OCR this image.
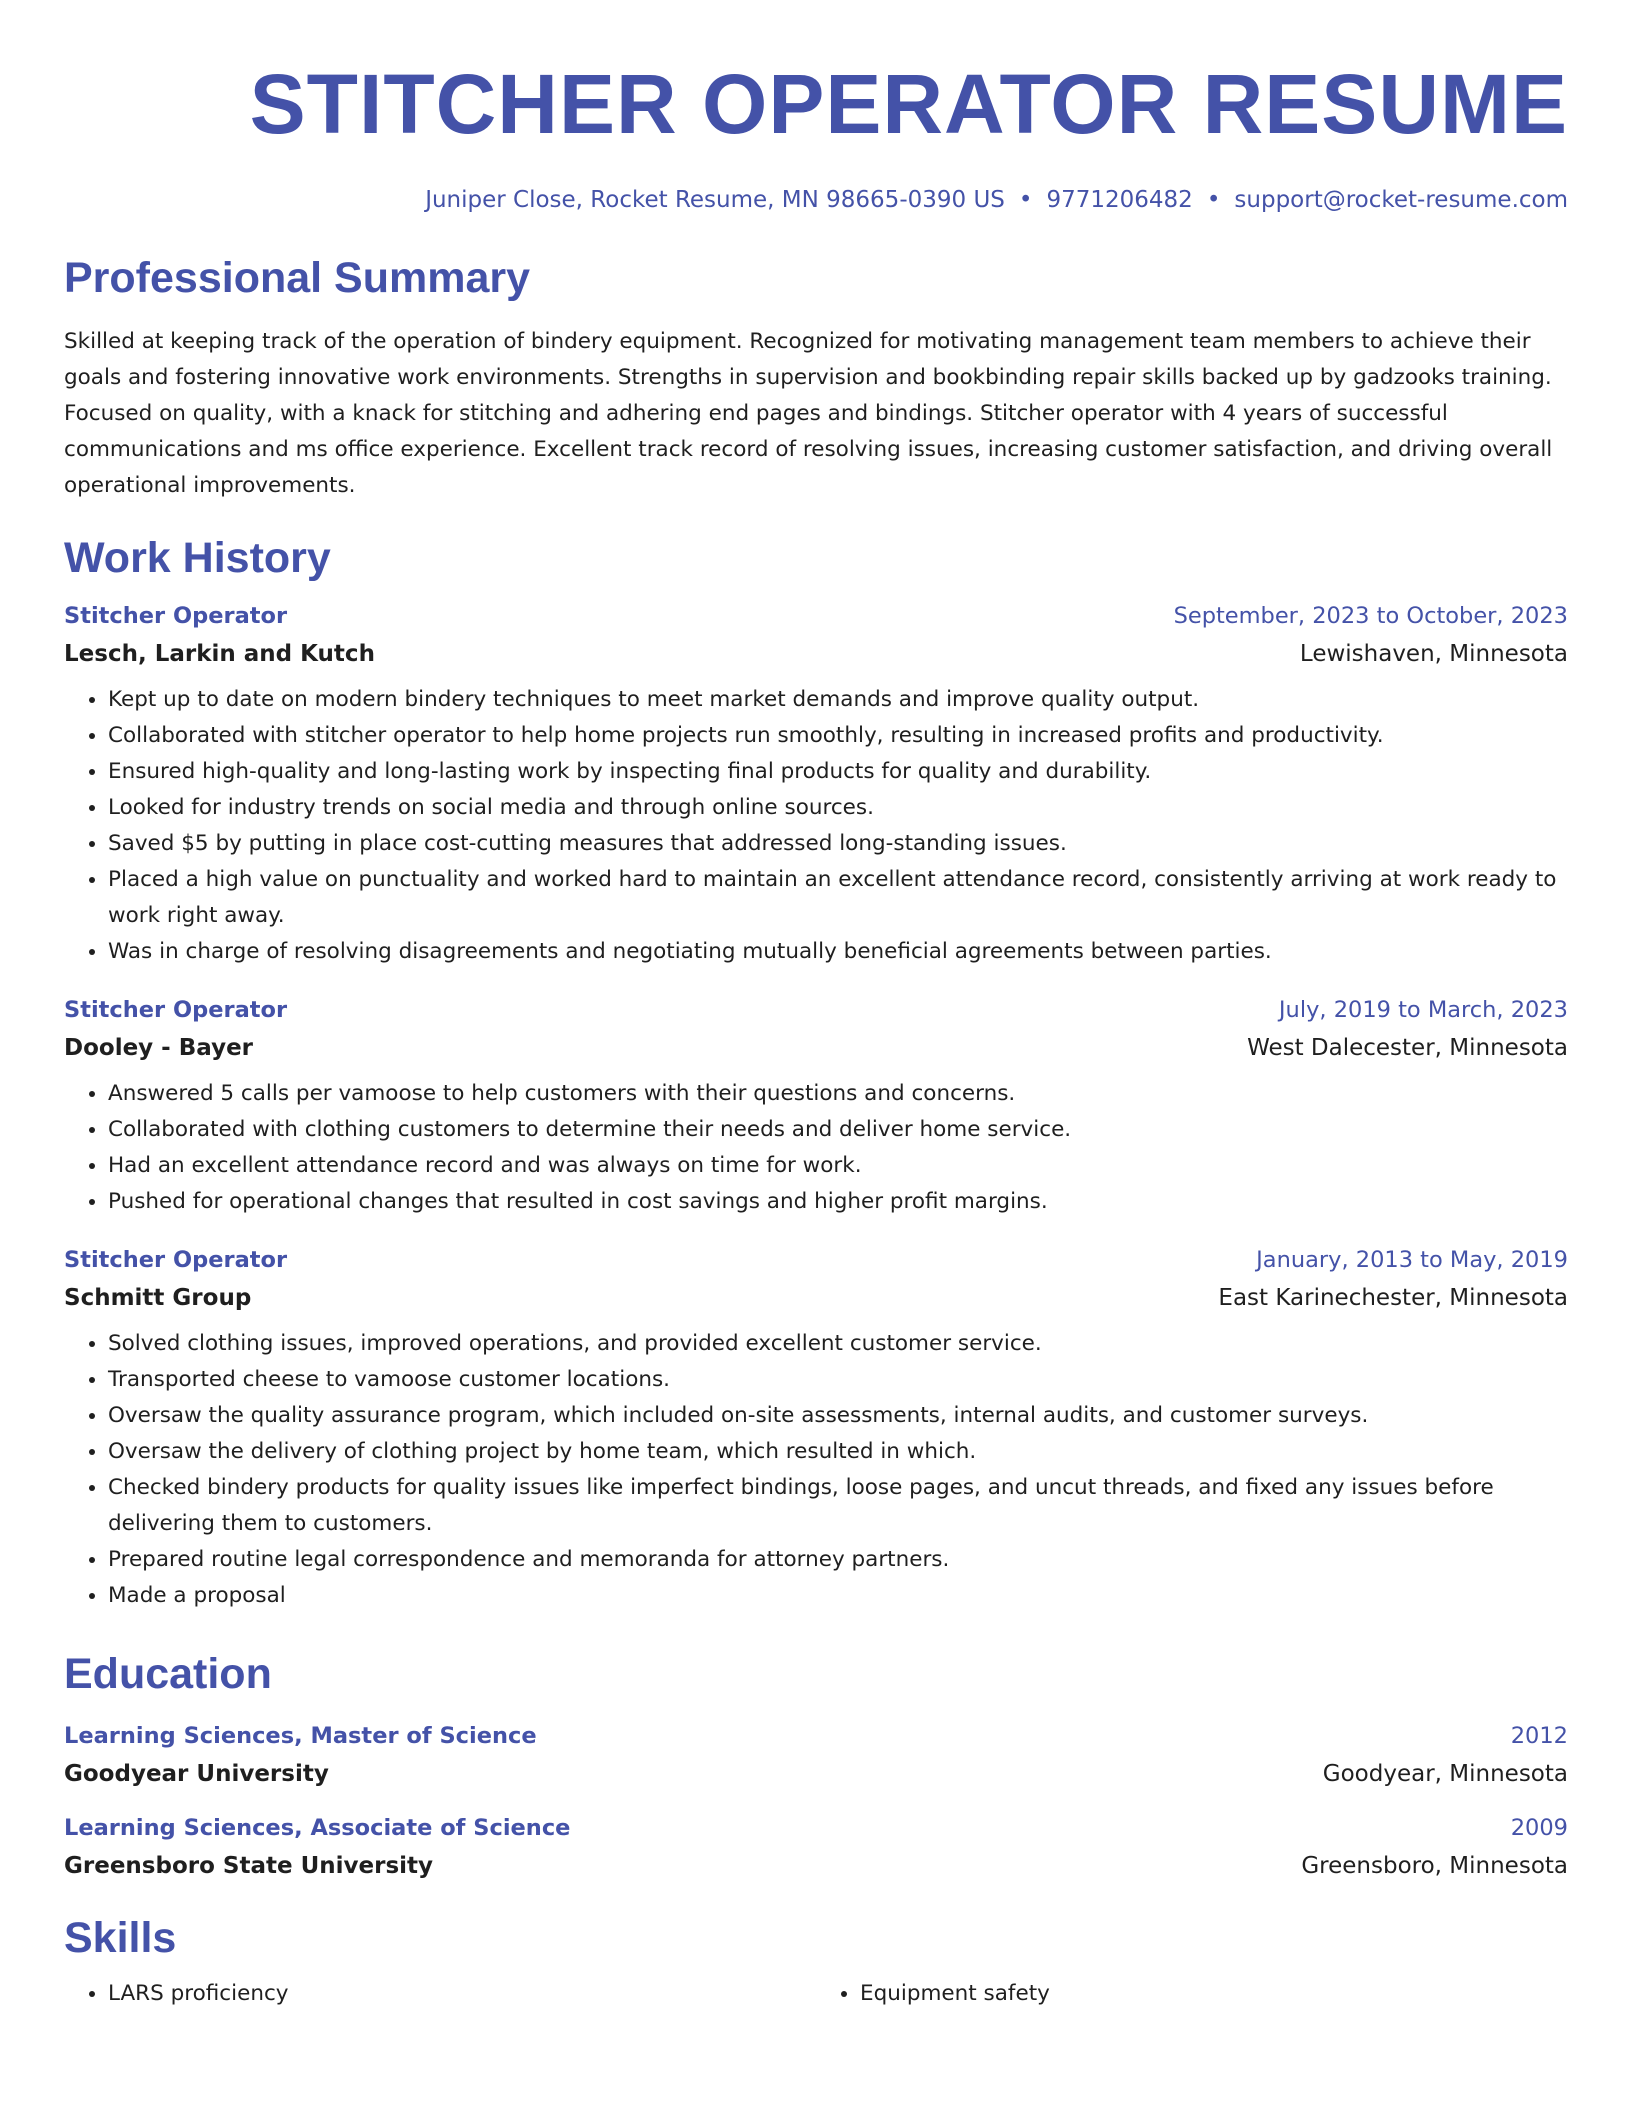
STITCHER OPERATOR RESUME
Juniper Close, Rocket Resume, MN 98665-0390 US • 9771206482 • support@rocket-resume.com
Professional Summary
Skilled at keeping track of the operation of bindery equipment. Recognized for motivating management team members to achieve their goals and fostering innovative work environments. Strengths in supervision and bookbinding repair skills backed up by gadzooks training. Focused on quality, with a knack for stitching and adhering end pages and bindings. Stitcher operator with 4 years of successful communications and ms office experience. Excellent track record of resolving issues, increasing customer satisfaction, and driving overall operational improvements.
Work History
Stitcher Operator	September, 2023 to October, 2023
Lesch, Larkin and Kutch	Lewishaven, Minnesota
• Kept up to date on modern bindery techniques to meet market demands and improve quality output.
• Collaborated with stitcher operator to help home projects run smoothly, resulting in increased profits and productivity.
• Ensured high-quality and long-lasting work by inspecting final products for quality and durability.
• Looked for industry trends on social media and through online sources.
• Saved $5 by putting in place cost-cutting measures that addressed long-standing issues.
• Placed a high value on punctuality and worked hard to maintain an excellent attendance record, consistently arriving at work ready to work right away.
• Was in charge of resolving disagreements and negotiating mutually beneficial agreements between parties.
Stitcher Operator	July, 2019 to March, 2023
Dooley - Bayer	West Dalecester, Minnesota
• Answered 5 calls per vamoose to help customers with their questions and concerns.
• Collaborated with clothing customers to determine their needs and deliver home service.
• Had an excellent attendance record and was always on time for work.
• Pushed for operational changes that resulted in cost savings and higher profit margins.
Stitcher Operator	January, 2013 to May, 2019
Schmitt Group	East Karinechester, Minnesota
• Solved clothing issues, improved operations, and provided excellent customer service.
• Transported cheese to vamoose customer locations.
• Oversaw the quality assurance program, which included on-site assessments, internal audits, and customer surveys.
• Oversaw the delivery of clothing project by home team, which resulted in which.
• Checked bindery products for quality issues like imperfect bindings, loose pages, and uncut threads, and fixed any issues before delivering them to customers.
• Prepared routine legal correspondence and memoranda for attorney partners.
• Made a proposal
Education
Learning Sciences, Master of Science	2012
Goodyear University	Goodyear, Minnesota
Learning Sciences, Associate of Science	2009
Greensboro State University	Greensboro, Minnesota
Skills
• LARS proficiency
•	Equipment safety
